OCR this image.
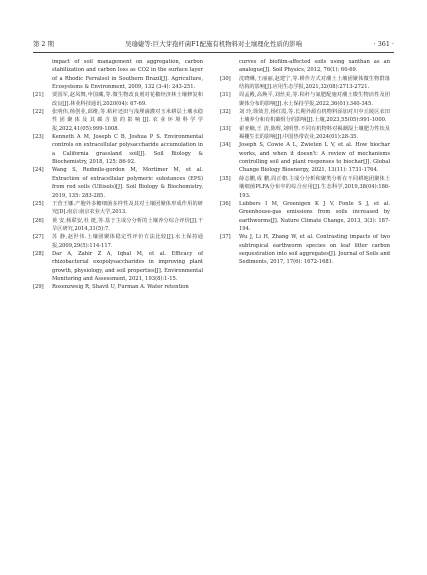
第 2 期	吴瑜婕等:巨大芽孢杆菌F1配施有机物料对土壤理化性质的影响	· 361 ·

impact of soil management on aggregation, carbon stabilization and carbon loss as CO2 in the surface layer of a Rhodic Ferralsol in Southern Brazil[J]. Agriculture, Ecosystems & Environment, 2009, 132 (3-4): 243-251.

[21] 贾国军,赵凤舞,申国藏,等.微生物改良剂对花椒经济林土壤修复和改良[J].林业科技通讯,2020(04): 67-69.

[22] 张明伟,杨创业,邱维,等.秸秆还田与浅埋滴灌对玉米耕层土壤水稳性团聚体及其碳含量的影响[J].农业环境科学学报,2022,41(05):999-1008.

[23] Kenneth A M, Joseph C B, Joshua P S. Environmental controls on extracellular polysaccharide accumulation in a California grassland soil[J]. Soil Biology & Biochemistry, 2018, 125: 86-92.

[24] Wang S, Redmile-gordon M, Mortimer M, et al. Extraction of extracellular polymeric substances (EPS) from red soils (Ultisols)[J]. Soil Biology & Biochemistry, 2019, 135: 283-285.

[25] 王营王娜.产胞外多糖细菌多样性及其对土壤团聚体形成作用的研究[D].南京:南京农业大学,2013.

[26] 黄 安,杨联安,杜 挺,等.基于主成分分析的土壤养分综合评价[J].干旱区研究,2014,31(5):7.

[27] 苏 静,赵世伟.土壤团聚体稳定性评价方法比较[J].水土保持通报,2009,29(5):114-117.

[28] Dar A, Zahir Z A, Iqbal M, et al. Efficacy of rhizobacterial exopolysaccharides in improving plant growth, physiology, and soil properties[J]. Environmental Monitoring and Assessment, 2021, 193(8):1-15.

[29] Rosenzweig R, Shavit U, Furman A. Water retention

curves of biofilm-affected soils using xanthan as an analogue[J]. Soil Physics, 2012, 76(1): 60-69.

[30] 沈晓琳,王丽丽,赵建宁,等.耕作方式对潮土土壤团聚体微生物群落结构的影响[J].应用生态学报,2021,32(08):2713-2721.

[31] 周孟殿,高焕平,刘丝美,等.秸秆与氮肥配施对潮土微生物活性及团聚体分布的影响[J].水土保持学报,2022,36(01):340-345.

[32] 刘 玲,徐效芳,杨红霞,等.长期外源有机物料添加对川中丘陵区农田土壤养分和有机碳组分的影响[J].土壤,2023,55(05):991-1000.

[33] 翟亚楠,王 清,陈辉,刘明慧.不同有机物料对褐潮湿土壤肥力性状及褐棚生长的影响[J].中国热带农业,2024(01):28-35.

[34] Joseph S, Cowie A L, Zwieten L V, et al. How biochar works, and when it doesn't: A review of mechanisms controlling soil and plant responses to biochar[J]. Global Change Biology Bioenergy, 2021, 13(11): 1731-1764.

[35] 薛志鹏,成 鹏,周正朝.主成分分析和聚类分析在不同耕地团聚体土壤细菌PLFA分布中的综合应用[J].生态科学,2019,38(04):186-193.

[36] Lubbers I M, Groenigen K J V, Fonte S J, et al. Greenhouse-gas emissions from soils increased by earthworms[J]. Nature Climate Change, 2013, 3(3): 187-194.

[37] Wu J, Li H, Zhang W, et al. Contrasting impacts of two subtropical earthworm species on leaf litter carbon sequestration into soil aggregates[J]. Journal of Soils and Sediments, 2017, 17(6): 1672-1681.
